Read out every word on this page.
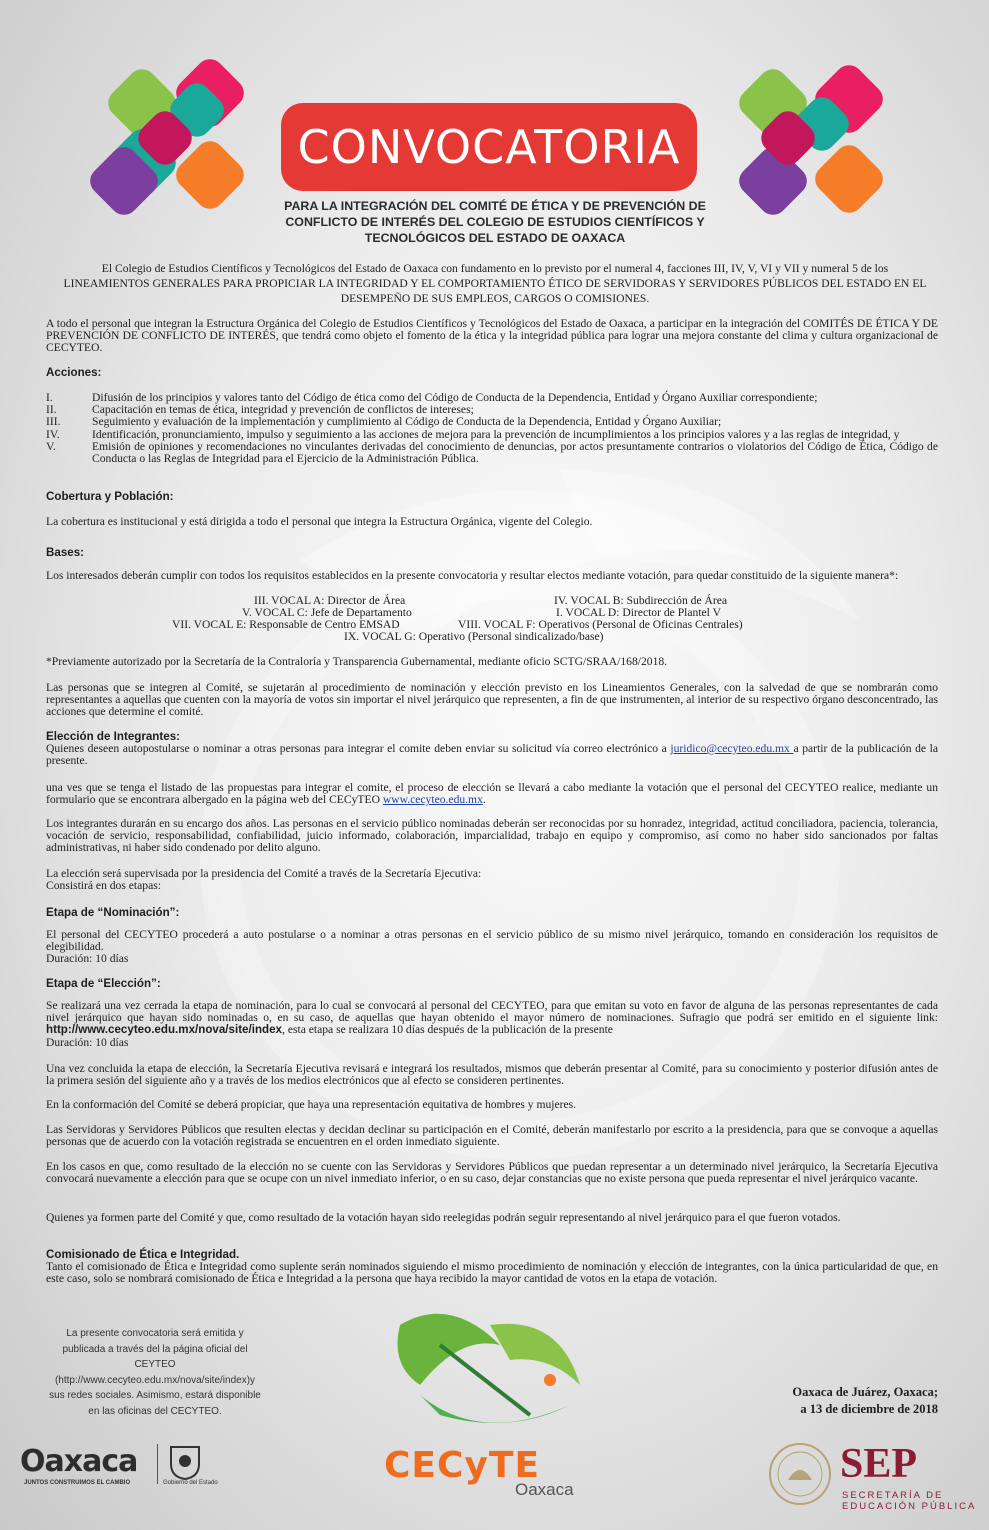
CONVOCATORIA
PARA LA INTEGRACIÓN DEL COMITÉ DE ÉTICA Y DE PREVENCIÓN DE CONFLICTO DE INTERÉS DEL COLEGIO DE ESTUDIOS CIENTÍFICOS Y TECNOLÓGICOS DEL ESTADO DE OAXACA

El Colegio de Estudios Científicos y Tecnológicos del Estado de Oaxaca con fundamento en lo previsto por el numeral 4, facciones III, IV, V, VI y VII y numeral 5 de los LINEAMIENTOS GENERALES PARA PROPICIAR LA INTEGRIDAD Y EL COMPORTAMIENTO ÉTICO DE SERVIDORAS Y SERVIDORES PÚBLICOS DEL ESTADO EN EL DESEMPEÑO DE SUS EMPLEOS, CARGOS O COMISIONES.

A todo el personal que integran la Estructura Orgánica del Colegio de Estudios Científicos y Tecnológicos del Estado de Oaxaca, a participar en la integración del COMITÉS DE ÉTICA Y DE PREVENCIÓN DE CONFLICTO DE INTERÉS, que tendrá como objeto el fomento de la ética y la integridad pública para lograr una mejora constante del clima y cultura organizacional de CECYTEO.

Acciones:
I.	Difusión de los principios y valores tanto del Código de ética como del Código de Conducta de la Dependencia, Entidad y Órgano Auxiliar correspondiente;
II.	Capacitación en temas de ética, integridad y prevención de conflictos de intereses;
III.	Seguimiento y evaluación de la implementación y cumplimiento al Código de Conducta de la Dependencia, Entidad y Órgano Auxiliar;
IV.	Identificación, pronunciamiento, impulso y seguimiento a las acciones de mejora para la prevención de incumplimientos a los principios valores y a las reglas de integridad, y
V.	Emisión de opiniones y recomendaciones no vinculantes derivadas del conocimiento de denuncias, por actos presuntamente contrarios o violatorios del Código de Ética, Código de Conducta o las Reglas de Integridad para el Ejercicio de la Administración Pública.
Cobertura y Población:

La cobertura es institucional y está dirigida a todo el personal que integra la Estructura Orgánica, vigente del Colegio.

Bases:

Los interesados deberán cumplir con todos los requisitos establecidos en la presente convocatoria y resultar electos mediante votación, para quedar constituido de la siguiente manera*:

III. VOCAL A: Director de Área	IV. VOCAL B: Subdirección de Área
V. VOCAL C: Jefe de Departamento	I. VOCAL D: Director de Plantel V
VII. VOCAL E: Responsable de Centro EMSAD	VIII. VOCAL F: Operativos (Personal de Oficinas Centrales)
IX. VOCAL G: Operativo (Personal sindicalizado/base)

*Previamente autorizado por la Secretaría de la Contraloría y Transparencia Gubernamental, mediante oficio SCTG/SRAA/168/2018.

Las personas que se integren al Comité, se sujetarán al procedimiento de nominación y elección previsto en los Lineamientos Generales, con la salvedad de que se nombrarán como representantes a aquellas que cuenten con la mayoría de votos sin importar el nivel jerárquico que representen, a fin de que instrumenten, al interior de su respectivo órgano desconcentrado, las acciones que determine el comité.

Elección de Integrantes:

Quienes deseen autopostularse o nominar a otras personas para integrar el comite deben enviar su solicitud vía correo electrónico a juridico@cecyteo.edu.mx a partir de la publicación de la presente.

una ves que se tenga el listado de las propuestas para integrar el comite, el proceso de elección se llevará a cabo mediante la votación que el personal del CECYTEO realice, mediante un formulario que se encontrara albergado en la página web del CECyTEO www.cecyteo.edu.mx.

Los integrantes durarán en su encargo dos años. Las personas en el servicio público nominadas deberán ser reconocidas por su honradez, integridad, actitud conciliadora, paciencia, tolerancia, vocación de servicio, responsabilidad, confiabilidad, juicio informado, colaboración, imparcialidad, trabajo en equipo y compromiso, así como no haber sido sancionados por faltas administrativas, ni haber sido condenado por delito alguno.

La elección será supervisada por la presidencia del Comité a través de la Secretaría Ejecutiva:

Consistirá en dos etapas:

Etapa de “Nominación”:

El personal del CECYTEO procederá a auto postularse o a nominar a otras personas en el servicio público de su mismo nivel jerárquico, tomando en consideración los requisitos de elegibilidad.

Duración: 10 días

Etapa de “Elección”:

Se realizará una vez cerrada la etapa de nominación, para lo cual se convocará al personal del CECYTEO, para que emitan su voto en favor de alguna de las personas representantes de cada nivel jerárquico que hayan sido nominadas o, en su caso, de aquellas que hayan obtenido el mayor número de nominaciones. Sufragio que podrá ser emitido en el siguiente link: http://www.cecyteo.edu.mx/nova/site/index, esta etapa se realizara 10 días después de la publicación de la presente

Duración: 10 días

Una vez concluida la etapa de elección, la Secretaría Ejecutiva revisará e integrará los resultados, mismos que deberán presentar al Comité, para su conocimiento y posterior difusión antes de la primera sesión del siguiente año y a través de los medios electrónicos que al efecto se consideren pertinentes.

En la conformación del Comité se deberá propiciar, que haya una representación equitativa de hombres y mujeres.

Las Servidoras y Servidores Públicos que resulten electas y decidan declinar su participación en el Comité, deberán manifestarlo por escrito a la presidencia, para que se convoque a aquellas personas que de acuerdo con la votación registrada se encuentren en el orden inmediato siguiente.

En los casos en que, como resultado de la elección no se cuente con las Servidoras y Servidores Públicos que puedan representar a un determinado nivel jerárquico, la Secretaría Ejecutiva convocará nuevamente a elección para que se ocupe con un nivel inmediato inferior, o en su caso, dejar constancias que no existe persona que pueda representar el nivel jerárquico vacante.

Quienes ya formen parte del Comité y que, como resultado de la votación hayan sido reelegidas podrán seguir representando al nivel jerárquico para el que fueron votados.

Comisionado de Ética e Integridad.

Tanto el comisionado de Ética e Integridad como suplente serán nominados siguiendo el mismo procedimiento de nominación y elección de integrantes, con la única particularidad de que, en este caso, solo se nombrará comisionado de Ética e Integridad a la persona que haya recibido la mayor cantidad de votos en la etapa de votación.

La presente convocatoria será emitida y publicada a través del la página oficial del CEYTEO (http://www.cecyteo.edu.mx/nova/site/index)y sus redes sociales. Asimismo, estará disponible en las oficinas del CECYTEO.
CECyTE
Oaxaca
Oaxaca de Juárez, Oaxaca;
a 13 de diciembre de 2018
Oaxaca
JUNTOS CONSTRUIMOS EL CAMBIO	Gobierno del Estado	SEP
SECRETARÍA DE
EDUCACIÓN PÚBLICA
